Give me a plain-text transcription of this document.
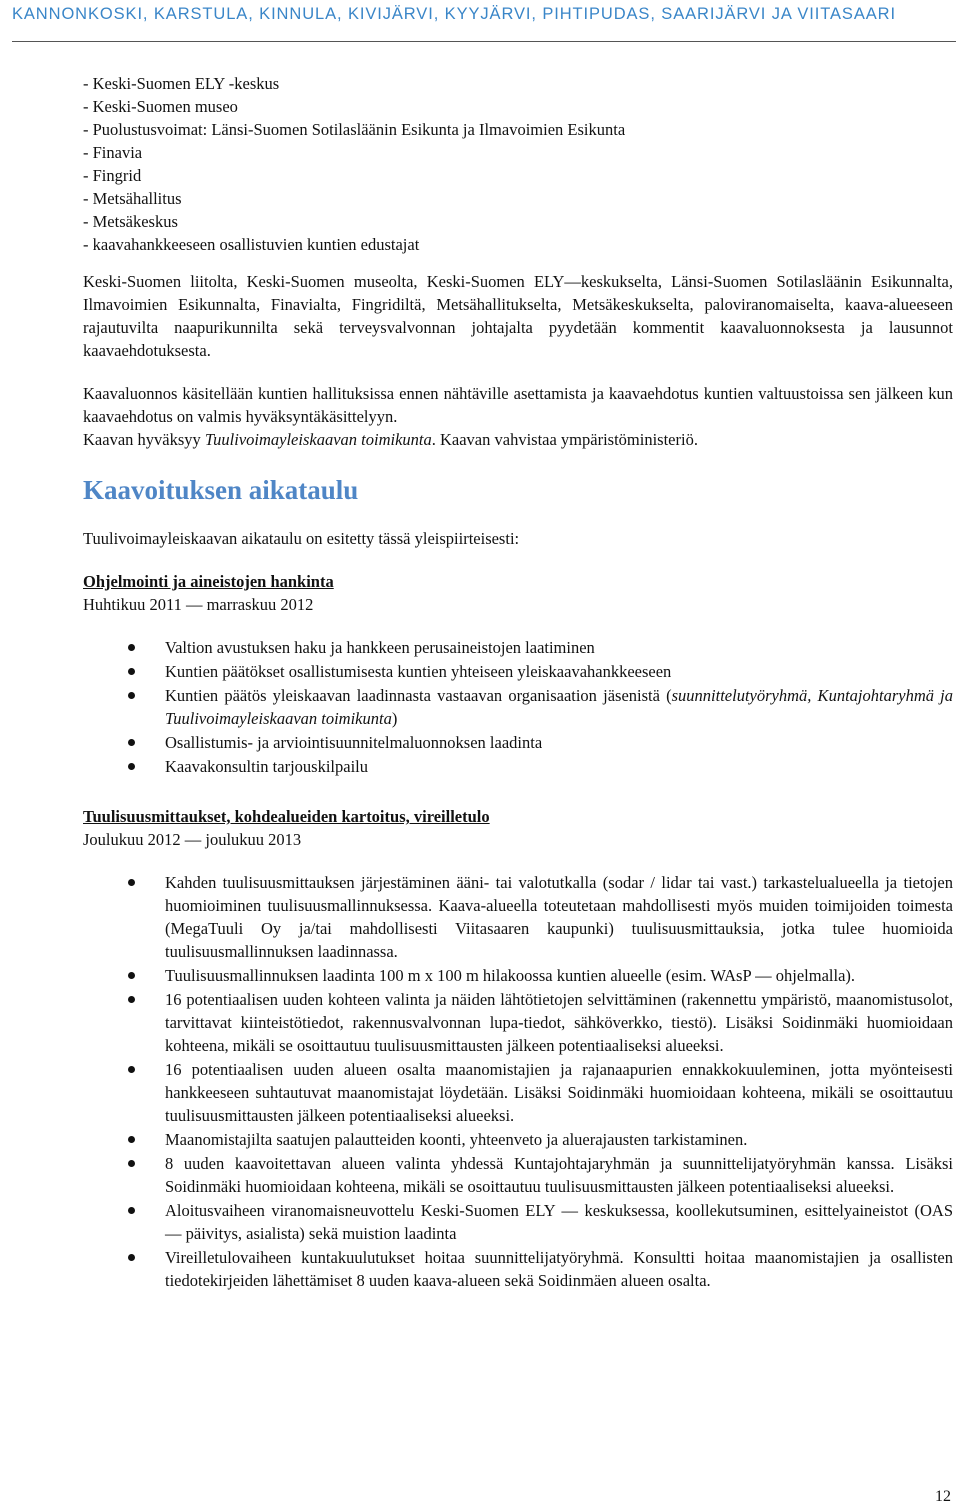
KANNONKOSKI, KARSTULA, KINNULA, KIVIJÄRVI, KYYJÄRVI, PIHTIPUDAS, SAARIJÄRVI JA VIITASAARI
- Keski-Suomen ELY -keskus
- Keski-Suomen museo
- Puolustusvoimat: Länsi-Suomen Sotilasläänin Esikunta ja Ilmavoimien Esikunta
- Finavia
- Fingrid
- Metsähallitus
- Metsäkeskus
- kaavahankkeeseen osallistuvien kuntien edustajat

Keski-Suomen liitolta, Keski-Suomen museolta, Keski-Suomen ELY—keskukselta, Länsi-Suomen Sotilasläänin Esikunnalta, Ilmavoimien Esikunnalta, Finavialta, Fingridiltä, Metsähallitukselta, Metsäkeskukselta, paloviranomaiselta, kaava-alueeseen rajautuvilta naapurikunnilta sekä terveysvalvonnan johtajalta pyydetään kommentit kaavaluonnoksesta ja lausunnot kaavaehdotuksesta.

Kaavaluonnos käsitellään kuntien hallituksissa ennen nähtäville asettamista ja kaavaehdotus kuntien valtuustoissa sen jälkeen kun kaavaehdotus on valmis hyväksyntäkäsittelyyn.
Kaavan hyväksyy Tuulivoimayleiskaavan toimikunta. Kaavan vahvistaa ympäristöministeriö.

Kaavoituksen aikataulu

Tuulivoimayleiskaavan aikataulu on esitetty tässä yleispiirteisesti:

Ohjelmointi ja aineistojen hankinta

Huhtikuu 2011 — marraskuu 2012

Valtion avustuksen haku ja hankkeen perusaineistojen laatiminen
Kuntien päätökset osallistumisesta kuntien yhteiseen yleiskaavahankkeeseen
Kuntien päätös yleiskaavan laadinnasta vastaavan organisaation jäsenistä (suunnittelutyöryhmä, Kuntajohtaryhmä ja Tuulivoimayleiskaavan toimikunta)
Osallistumis- ja arviointisuunnitelmaluonnoksen laadinta
Kaavakonsultin tarjouskilpailu

Tuulisuusmittaukset, kohdealueiden kartoitus, vireilletulo

Joulukuu 2012 — joulukuu 2013

Kahden tuulisuusmittauksen järjestäminen ääni- tai valotutkalla (sodar / lidar tai vast.) tarkastelualueella ja tietojen huomioiminen tuulisuusmallinnuksessa. Kaava-alueella toteutetaan mahdollisesti myös muiden toimijoiden toimesta (MegaTuuli Oy ja/tai mahdollisesti Viitasaaren kaupunki) tuulisuusmittauksia, jotka tulee huomioida tuulisuusmallinnuksen laadinnassa.
Tuulisuusmallinnuksen laadinta 100 m x 100 m hilakoossa kuntien alueelle (esim. WAsP — ohjelmalla).
16 potentiaalisen uuden kohteen valinta ja näiden lähtötietojen selvittäminen (rakennettu ympäristö, maanomistusolot, tarvittavat kiinteistötiedot, rakennusvalvonnan lupa-tiedot, sähköverkko, tiestö). Lisäksi Soidinmäki huomioidaan kohteena, mikäli se osoittautuu tuulisuusmittausten jälkeen potentiaaliseksi alueeksi.
16 potentiaalisen uuden alueen osalta maanomistajien ja rajanaapurien ennakkokuuleminen, jotta myönteisesti hankkeeseen suhtautuvat maanomistajat löydetään. Lisäksi Soidinmäki huomioidaan kohteena, mikäli se osoittautuu tuulisuusmittausten jälkeen potentiaaliseksi alueeksi.
Maanomistajilta saatujen palautteiden koonti, yhteenveto ja aluerajausten tarkistaminen.
8 uuden kaavoitettavan alueen valinta yhdessä Kuntajohtajaryhmän ja suunnittelijatyöryhmän kanssa. Lisäksi Soidinmäki huomioidaan kohteena, mikäli se osoittautuu tuulisuusmittausten jälkeen potentiaaliseksi alueeksi.
Aloitusvaiheen viranomaisneuvottelu Keski-Suomen ELY — keskuksessa, koollekutsuminen, esittelyaineistot (OAS — päivitys, asialista) sekä muistion laadinta
Vireilletulovaiheen kuntakuulutukset hoitaa suunnittelijatyöryhmä. Konsultti hoitaa maanomistajien ja osallisten tiedotekirjeiden lähettämiset 8 uuden kaava-alueen sekä Soidinmäen alueen osalta.
12
